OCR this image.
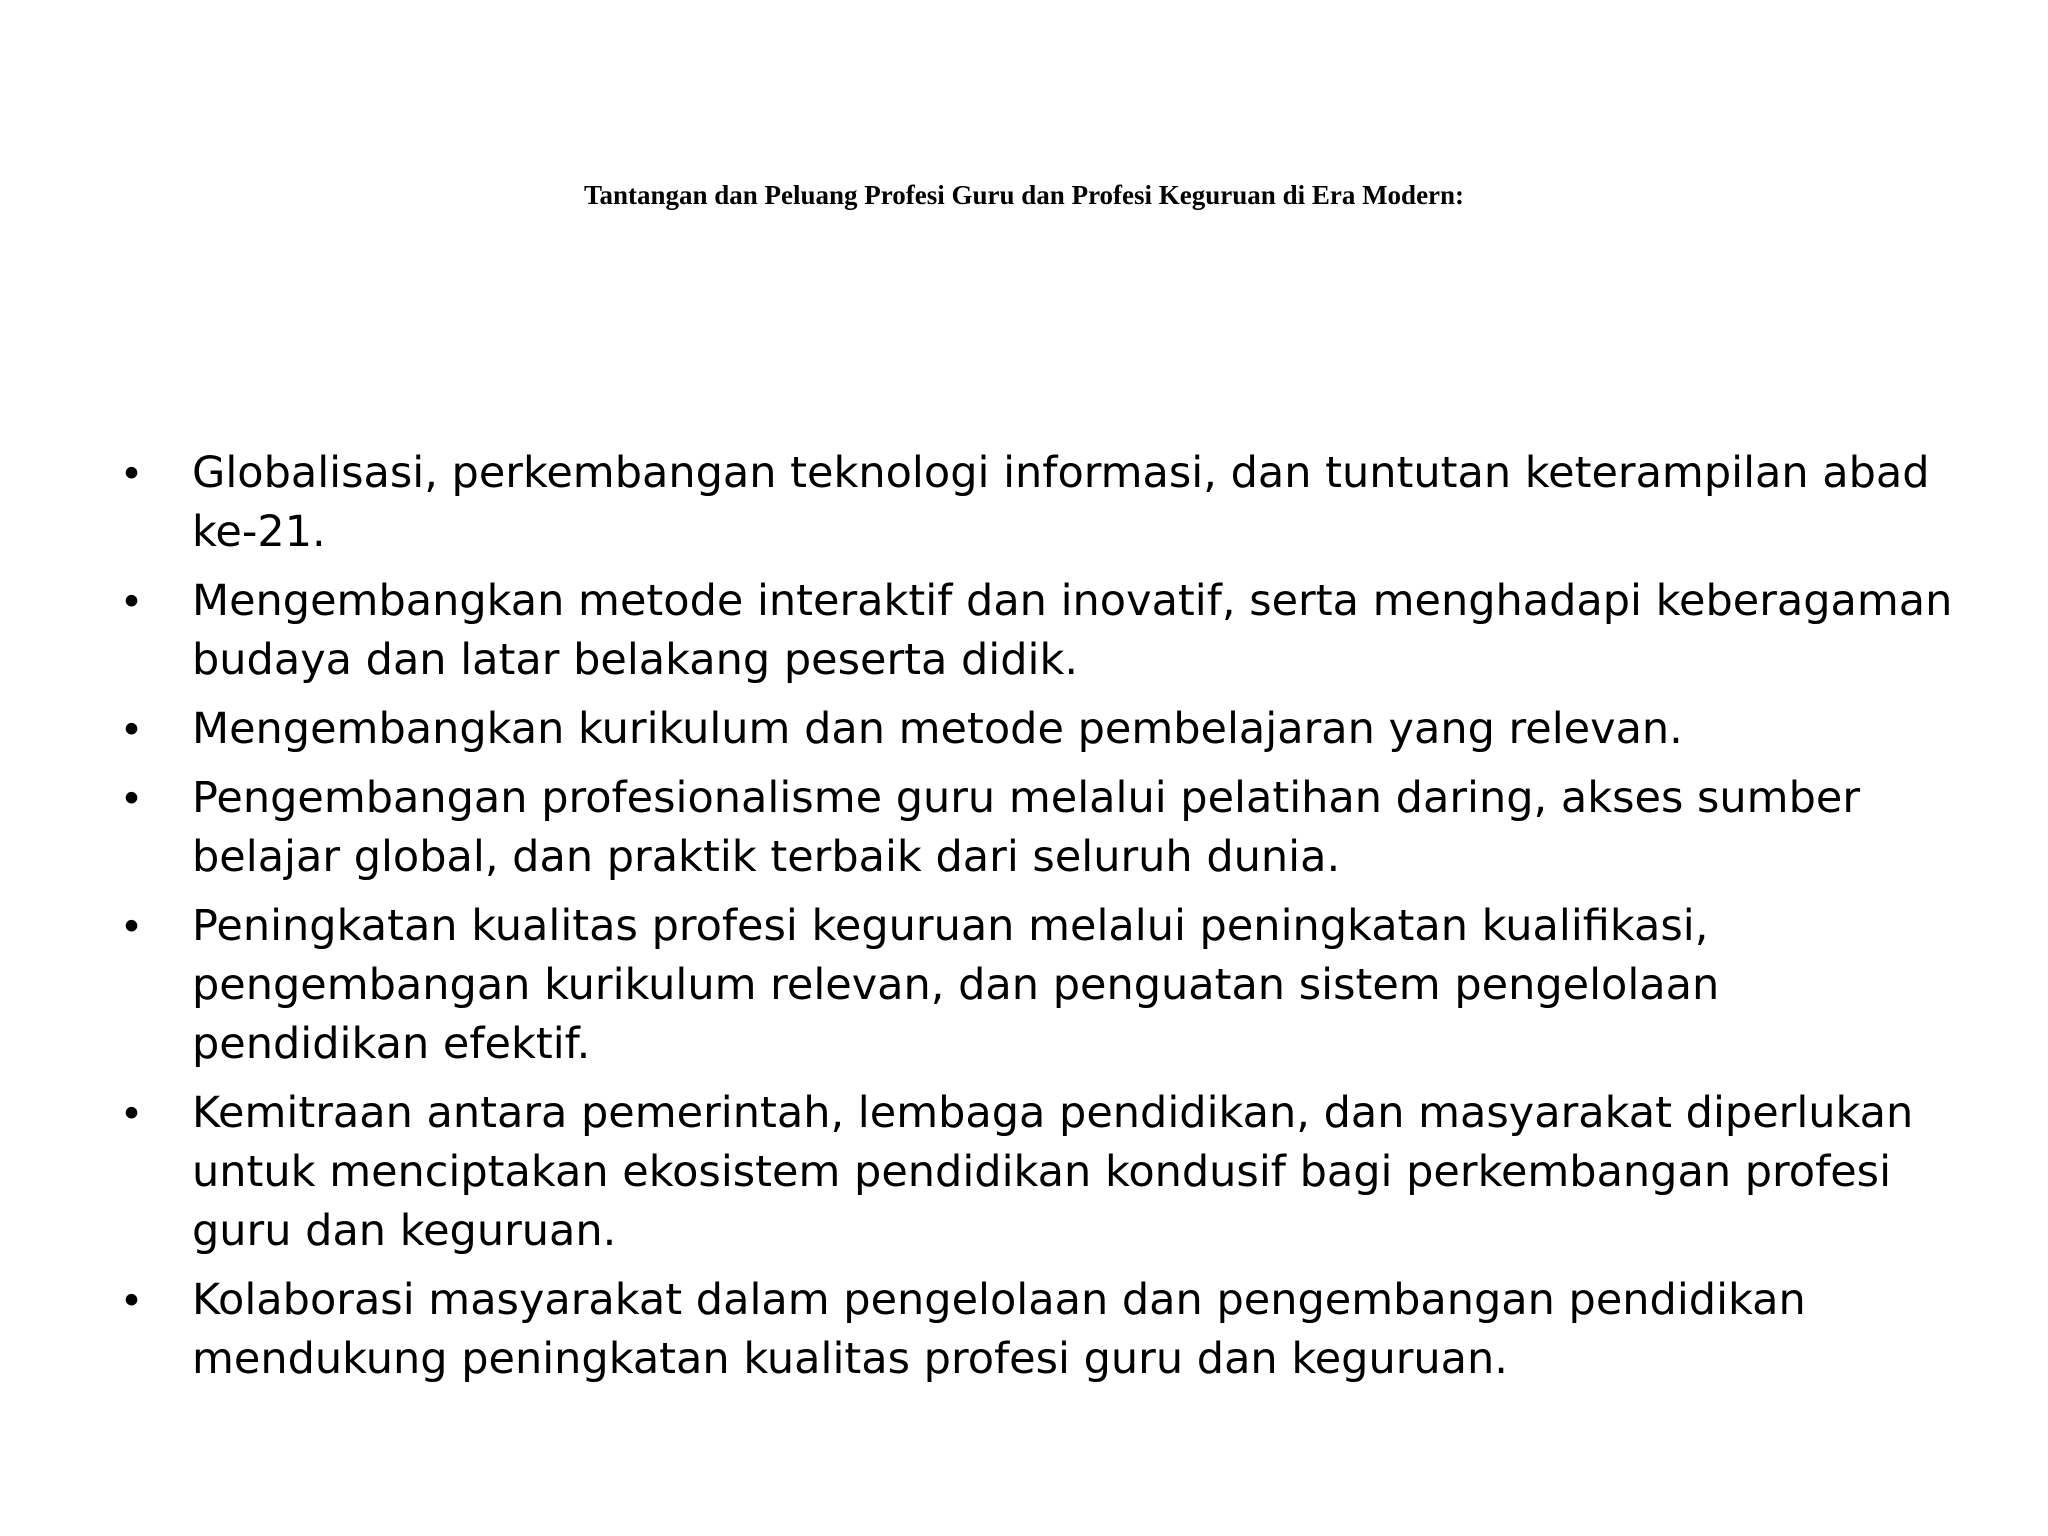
Tantangan dan Peluang Profesi Guru dan Profesi Keguruan di Era Modern:
• Globalisasi, perkembangan teknologi informasi, dan tuntutan keterampilan abad ke-21.
• Mengembangkan metode interaktif dan inovatif, serta menghadapi keberagaman budaya dan latar belakang peserta didik.
• Mengembangkan kurikulum dan metode pembelajaran yang relevan.
• Pengembangan profesionalisme guru melalui pelatihan daring, akses sumber belajar global, dan praktik terbaik dari seluruh dunia.
• Peningkatan kualitas profesi keguruan melalui peningkatan kualifikasi, pengembangan kurikulum relevan, dan penguatan sistem pengelolaan pendidikan efektif.
• Kemitraan antara pemerintah, lembaga pendidikan, dan masyarakat diperlukan untuk menciptakan ekosistem pendidikan kondusif bagi perkembangan profesi guru dan keguruan.
• Kolaborasi masyarakat dalam pengelolaan dan pengembangan pendidikan mendukung peningkatan kualitas profesi guru dan keguruan.
